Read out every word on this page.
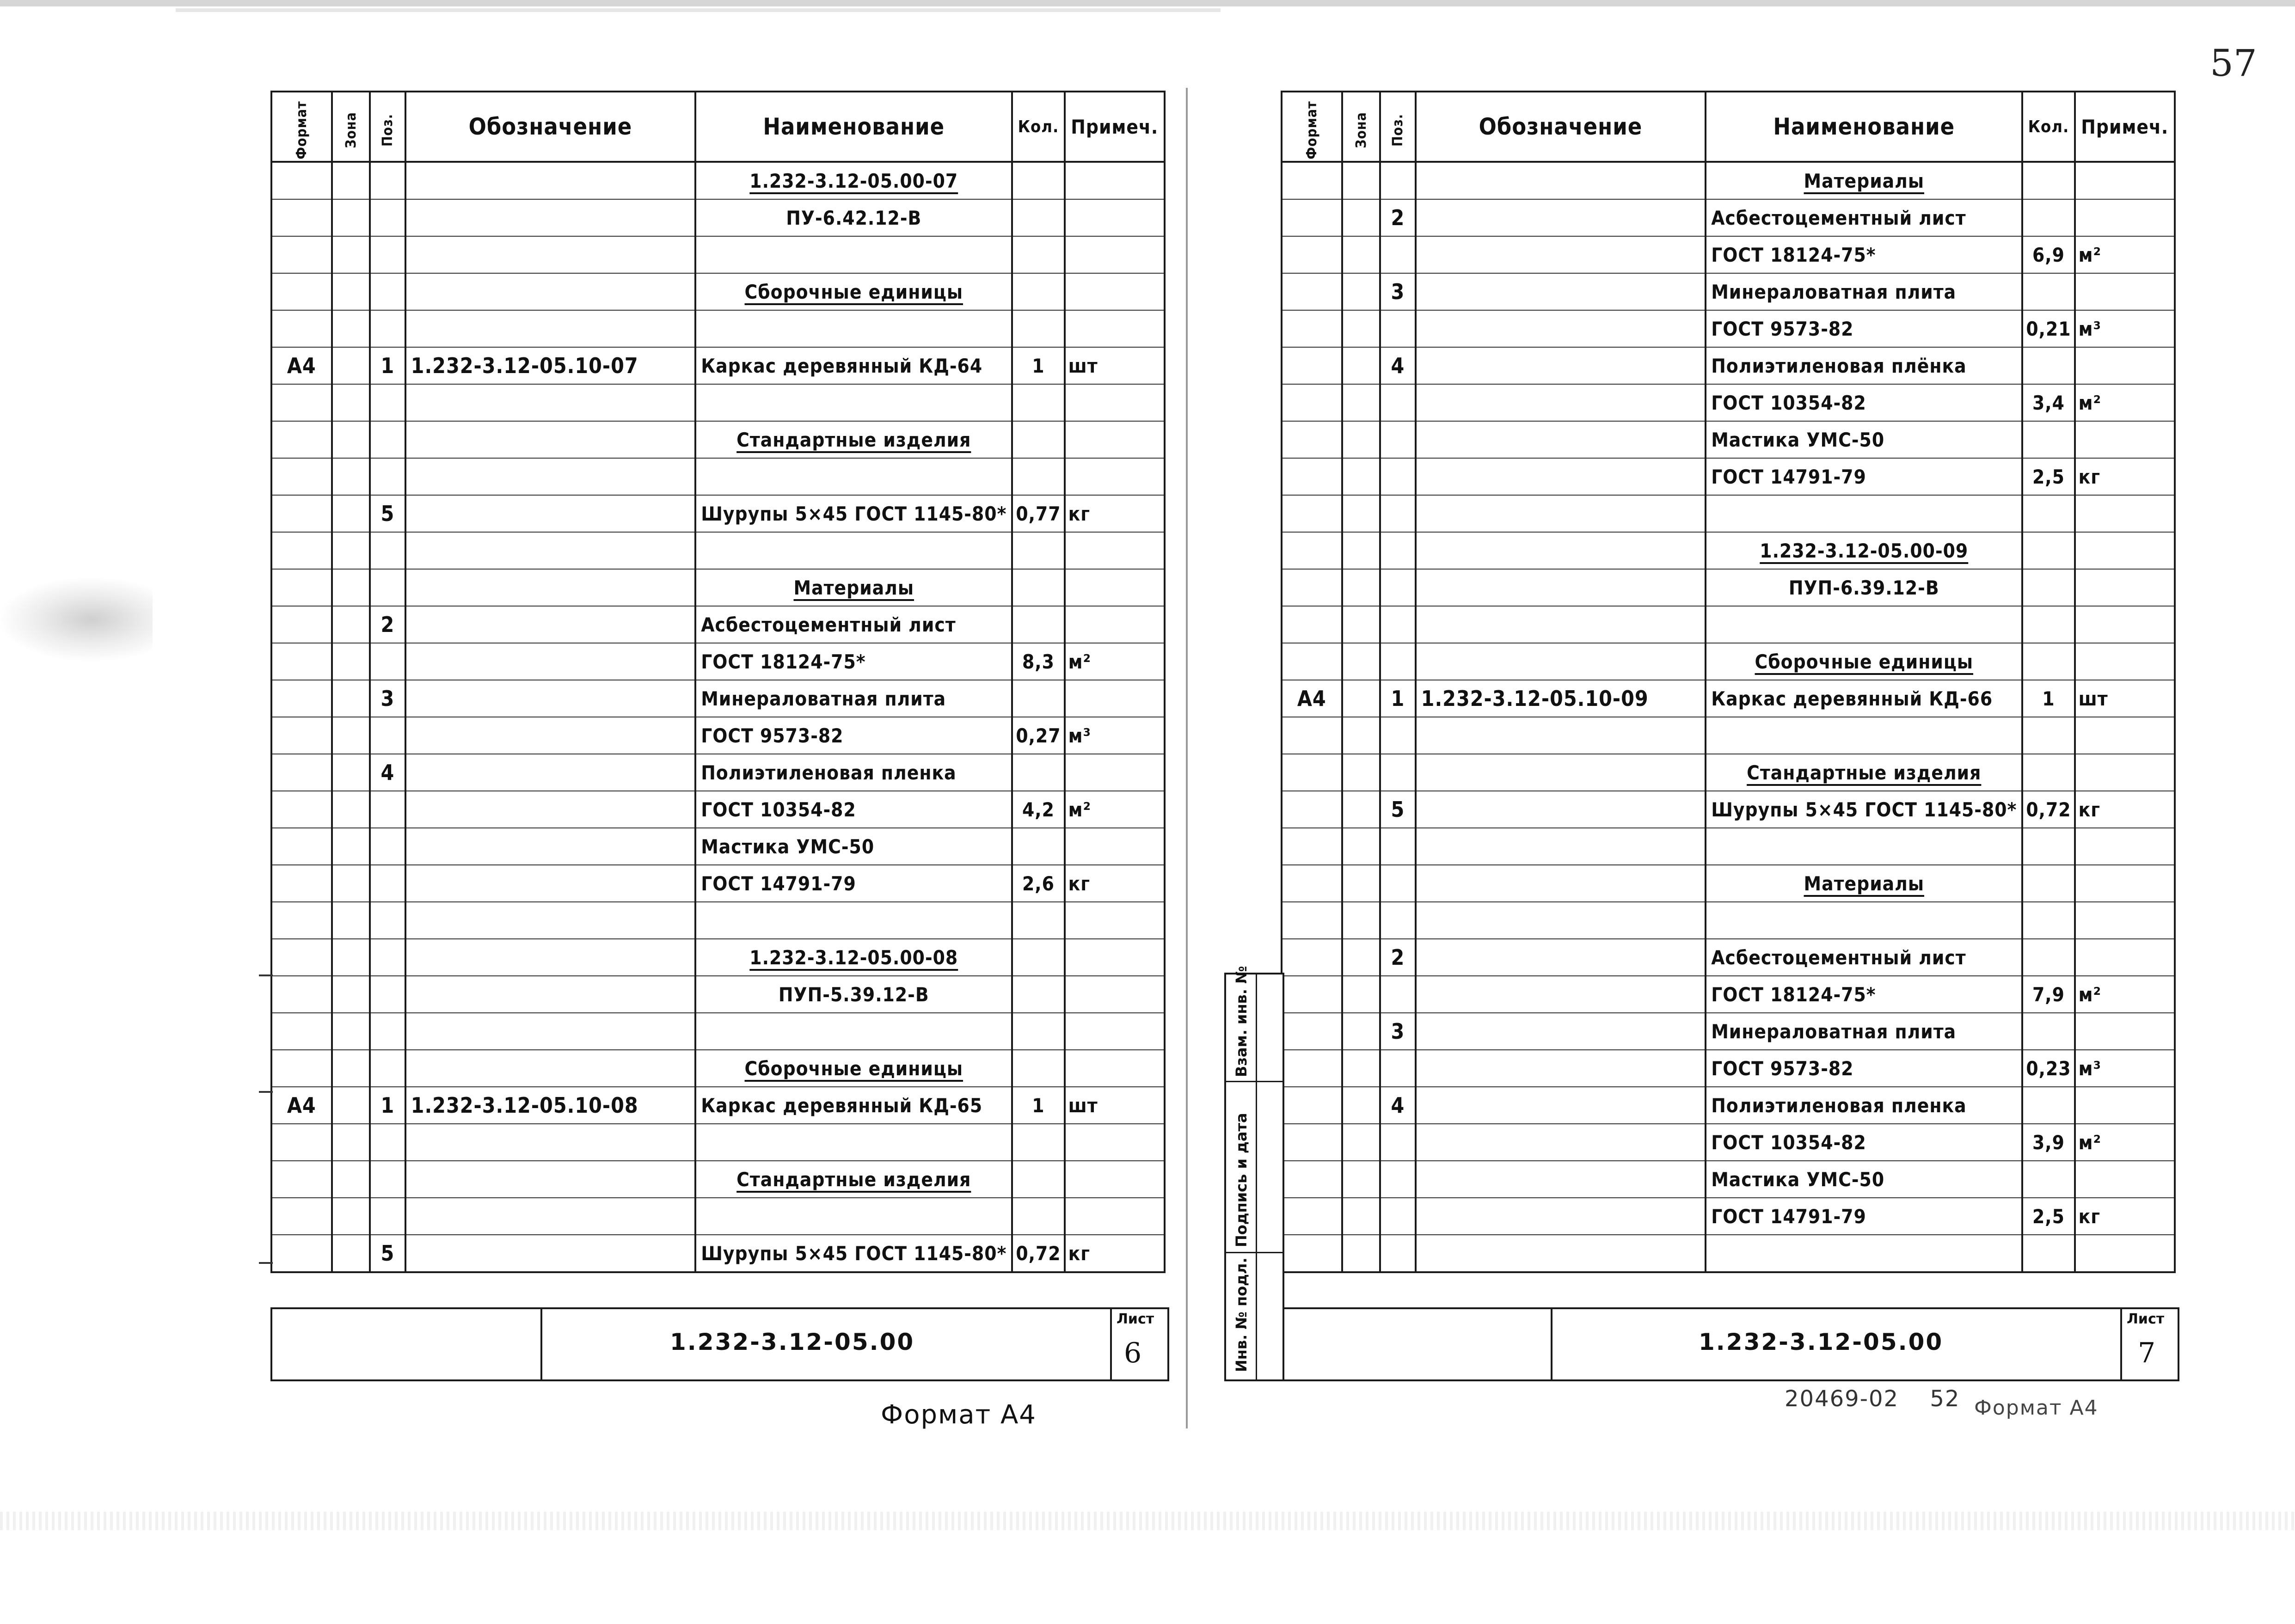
57
Формат	Зона	Поз.	Обозначение	Наименование	Кол.	Примеч.
				1.232-3.12-05.00-07		
				ПУ-6.42.12-В		

				Сборочные единицы		

А4		1	1.232-3.12-05.10-07	Каркас деревянный КД-64	1	шт

				Стандартные изделия		

		5		Шурупы 5×45 ГОСТ 1145-80*	0,77	кг

				Материалы		
		2		Асбестоцементный лист		
				ГОСТ 18124-75*	8,3	м²
		3		Минераловатная плита		
				ГОСТ 9573-82	0,27	м³
		4		Полиэтиленовая пленка		
				ГОСТ 10354-82	4,2	м²
				Мастика УМС-50		
				ГОСТ 14791-79	2,6	кг

				1.232-3.12-05.00-08		
				ПУП-5.39.12-В		

				Сборочные единицы		
А4		1	1.232-3.12-05.10-08	Каркас деревянный КД-65	1	шт

				Стандартные изделия		

		5		Шурупы 5×45 ГОСТ 1145-80*	0,72	кг
1.232-3.12-05.00
Лист
6
Формат А4
Формат	Зона	Поз.	Обозначение	Наименование	Кол.	Примеч.
				Материалы		
		2		Асбестоцементный лист		
				ГОСТ 18124-75*	6,9	м²
		3		Минераловатная плита		
				ГОСТ 9573-82	0,21	м³
		4		Полиэтиленовая плёнка		
				ГОСТ 10354-82	3,4	м²
				Мастика УМС-50		
				ГОСТ 14791-79	2,5	кг

				1.232-3.12-05.00-09		
				ПУП-6.39.12-В		

				Сборочные единицы		
А4		1	1.232-3.12-05.10-09	Каркас деревянный КД-66	1	шт

				Стандартные изделия		
		5		Шурупы 5×45 ГОСТ 1145-80*	0,72	кг

				Материалы		

		2		Асбестоцементный лист		
				ГОСТ 18124-75*	7,9	м²
		3		Минераловатная плита		
				ГОСТ 9573-82	0,23	м³
		4		Полиэтиленовая пленка		
				ГОСТ 10354-82	3,9	м²
				Мастика УМС-50		
				ГОСТ 14791-79	2,5	кг

1.232-3.12-05.00
Лист
7
20469-02 52 Формат А4
Инв. № подл.
Подпись и дата
Взам. инв. №
